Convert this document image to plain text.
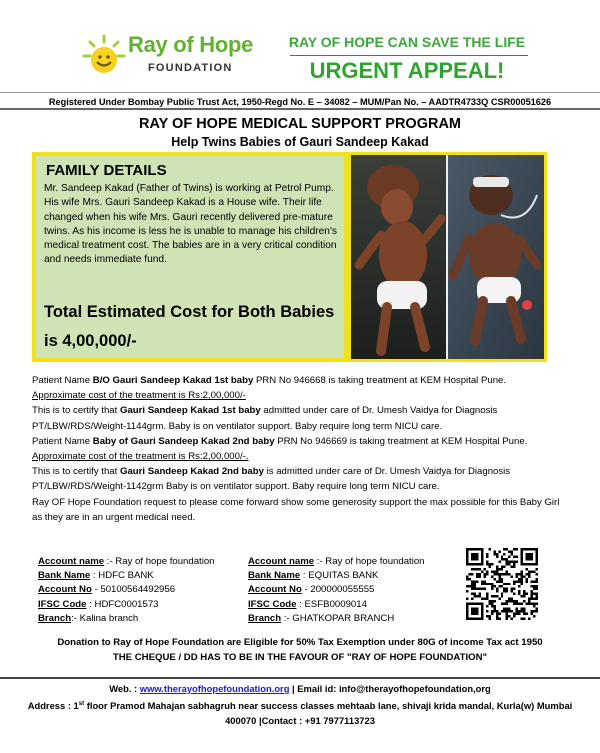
Ray of Hope
FOUNDATION
RAY OF HOPE CAN SAVE THE LIFE
URGENT APPEAL!
Registered Under Bombay Public Trust Act, 1950-Regd No. E – 34082 – MUM/Pan No. – AADTR4733Q CSR00051626
RAY OF HOPE MEDICAL SUPPORT PROGRAM
Help Twins Babies of Gauri Sandeep Kakad
FAMILY DETAILS
Mr. Sandeep Kakad (Father of Twins) is working at Petrol Pump. His wife Mrs. Gauri Sandeep Kakad is a House wife. Their life changed when his wife Mrs. Gauri recently delivered pre-mature twins. As his income is less he is unable to manage his children's medical treatment cost. The babies are in a very critical condition and needs immediate fund.
Total Estimated Cost for Both Babies is 4,00,000/-

Patient Name B/O Gauri Sandeep Kakad 1st baby PRN No 946668 is taking treatment at KEM Hospital Pune.

Approximate cost of the treatment is Rs:2,00,000/-

This is to certify that Gauri Sandeep Kakad 1st baby admitted under care of Dr. Umesh Vaidya for Diagnosis PT/LBW/RDS/Weight-1144grm. Baby is on ventilator support. Baby require long term NICU care.

Patient Name Baby of Gauri Sandeep Kakad 2nd baby PRN No 946669 is taking treatment at KEM Hospital Pune.

Approximate cost of the treatment is Rs:2,00,000/-.

This is to certify that Gauri Sandeep Kakad 2nd baby is admitted under care of Dr. Umesh Vaidya for Diagnosis PT/LBW/RDS/Weight-1142grm Baby is on ventilator support. Baby require long term NICU care.

Ray OF Hope Foundation request to please come forward show some generosity support the max possible for this Baby Girl as they are in an urgent medical need.

Account name :- Ray of hope foundation
Bank Name : HDFC BANK
Account No - 50100564492956
IFSC Code : HDFC0001573
Branch:- Kalina branch
Account name :- Ray of hope foundation
Bank Name : EQUITAS BANK
Account No - 200000055555
IFSC Code : ESFB0009014
Branch :- GHATKOPAR BRANCH
Donation to Ray of Hope Foundation are Eligible for 50% Tax Exemption under 80G of income Tax act 1950
THE CHEQUE / DD HAS TO BE IN THE FAVOUR OF "RAY OF HOPE FOUNDATION"
Web. : www.therayofhopefoundation.org | Email id: info@therayofhopefoundation,org
Address : 1st floor Pramod Mahajan sabhagruh near success classes mehtaab lane, shivaji krida mandal, Kurla(w) Mumbai
400070 |Contact : +91 7977113723
